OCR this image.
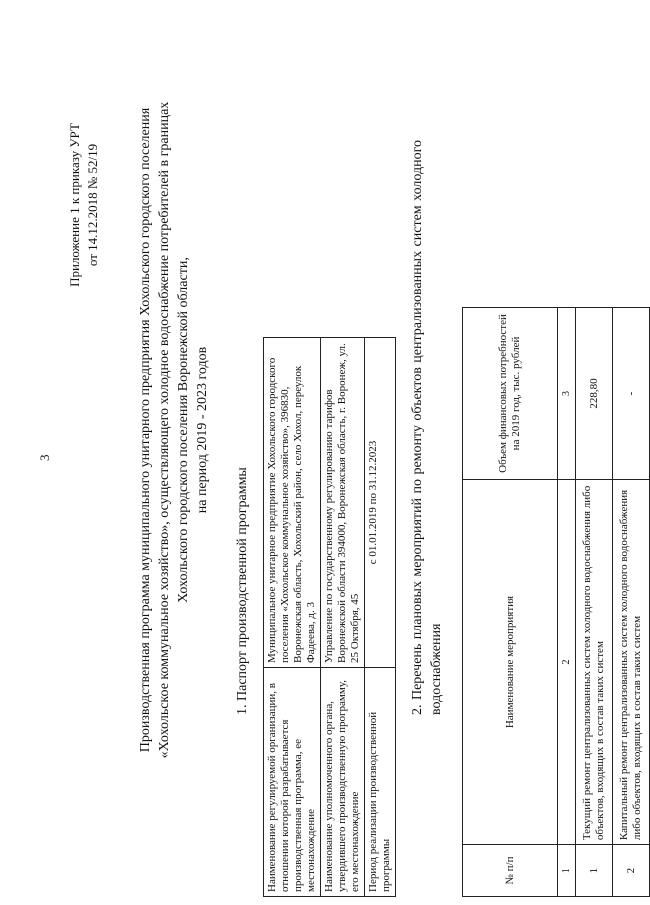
3
Приложение 1 к приказу УРТ от 14.12.2018 № 52/19	Производственная программа муниципального унитарного предприятия Хохольского городского поселения «Хохольское коммунальное хозяйство», осуществляющего холодное водоснабжение потребителей в границах Хохольского городского поселения Воронежской области, на период 2019 - 2023 годов
1. Паспорт производственной программы
Наименование регулируемой организации, в отношении которой разрабатывается производственная программа, ее местонахождение	Муниципальное унитарное предприятие Хохольского городского поселения «Хохольское коммунальное хозяйство», 396830, Воронежская область, Хохольский район, село Хохол, переулок Фадеева, д. 3
Наименование уполномоченного органа, утвердившего производственную программу, его местонахождение	Управление по государственному регулированию тарифов Воронежской области 394000, Воронежская область, г. Воронеж, ул. 25 Октября, 45
Период реализации производственной программы	с 01.01.2019 по 31.12.2023 2. Перечень плановых мероприятий по ремонту объектов централизованных систем холодного водоснабжения
№ п/п	Наименование мероприятия	Объем финансовых потребностей на 2019 год, тыс. рублей
1	2	3
1	Текущий ремонт централизованных систем холодного водоснабжения либо объектов, входящих в состав таких систем	228,80
2	Капитальный ремонт централизованных систем холодного водоснабжения либо объектов, входящих в состав таких систем	-
